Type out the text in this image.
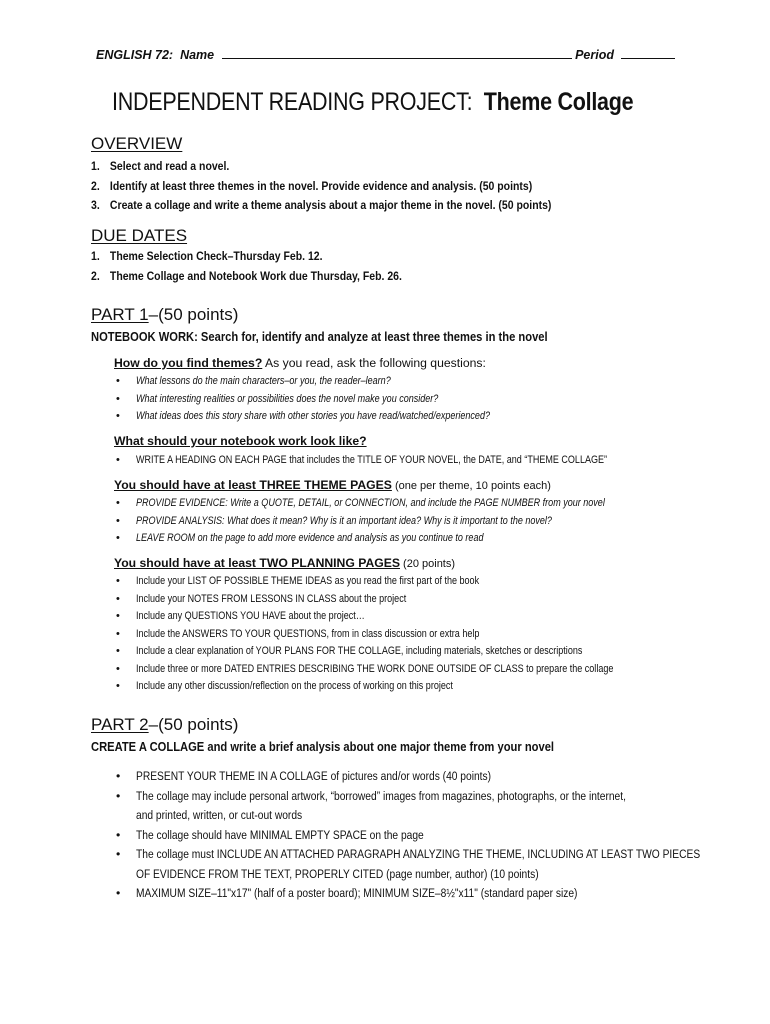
ENGLISH 72: Name	Period
INDEPENDENT READING PROJECT: Theme Collage
OVERVIEW
1. Select and read a novel.
2. Identify at least three themes in the novel. Provide evidence and analysis. (50 points)
3. Create a collage and write a theme analysis about a major theme in the novel. (50 points)
DUE DATES
1. Theme Selection Check–Thursday Feb. 12.
2. Theme Collage and Notebook Work due Thursday, Feb. 26.
PART 1–(50 points)
NOTEBOOK WORK: Search for, identify and analyze at least three themes in the novel
How do you find themes? As you read, ask the following questions:
• What lessons do the main characters–or you, the reader–learn?
• What interesting realities or possibilities does the novel make you consider?
• What ideas does this story share with other stories you have read/watched/experienced?
What should your notebook work look like?
• WRITE A HEADING ON EACH PAGE that includes the TITLE OF YOUR NOVEL, the DATE, and “THEME COLLAGE”
You should have at least THREE THEME PAGES (one per theme, 10 points each)
• PROVIDE EVIDENCE: Write a QUOTE, DETAIL, or CONNECTION, and include the PAGE NUMBER from your novel
• PROVIDE ANALYSIS: What does it mean? Why is it an important idea? Why is it important to the novel?
• LEAVE ROOM on the page to add more evidence and analysis as you continue to read
You should have at least TWO PLANNING PAGES (20 points)
• Include your LIST OF POSSIBLE THEME IDEAS as you read the first part of the book
• Include your NOTES FROM LESSONS IN CLASS about the project
• Include any QUESTIONS YOU HAVE about the project…
• Include the ANSWERS TO YOUR QUESTIONS, from in class discussion or extra help
• Include a clear explanation of YOUR PLANS FOR THE COLLAGE, including materials, sketches or descriptions
• Include three or more DATED ENTRIES DESCRIBING THE WORK DONE OUTSIDE OF CLASS to prepare the collage
• Include any other discussion/reflection on the process of working on this project
PART 2–(50 points)
CREATE A COLLAGE and write a brief analysis about one major theme from your novel
• PRESENT YOUR THEME IN A COLLAGE of pictures and/or words (40 points)
• The collage may include personal artwork, “borrowed” images from magazines, photographs, or the internet,
and printed, written, or cut-out words
• The collage should have MINIMAL EMPTY SPACE on the page
• The collage must INCLUDE AN ATTACHED PARAGRAPH ANALYZING THE THEME, INCLUDING AT LEAST TWO PIECES
OF EVIDENCE FROM THE TEXT, PROPERLY CITED (page number, author) (10 points)
• MAXIMUM SIZE–11"x17" (half of a poster board); MINIMUM SIZE–8½"x11" (standard paper size)
